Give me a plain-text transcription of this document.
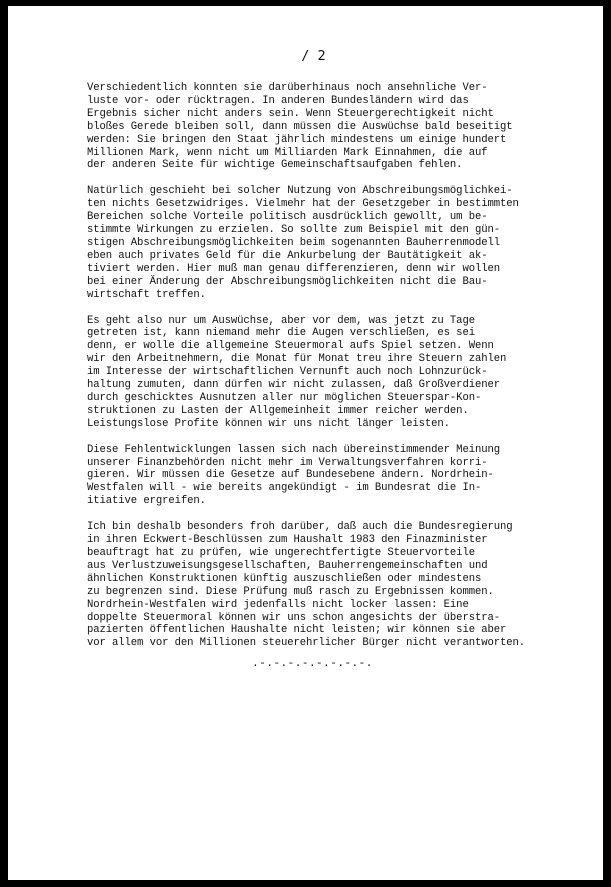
/ 2
Verschiedentlich konnten sie darüberhinaus noch ansehnliche Ver-
luste vor- oder rücktragen. In anderen Bundesländern wird das
Ergebnis sicher nicht anders sein. Wenn Steuergerechtigkeit nicht
bloßes Gerede bleiben soll, dann müssen die Auswüchse bald beseitigt
werden: Sie bringen den Staat jährlich mindestens um einige hundert
Millionen Mark, wenn nicht um Milliarden Mark Einnahmen, die auf
der anderen Seite für wichtige Gemeinschaftsaufgaben fehlen.
Natürlich geschieht bei solcher Nutzung von Abschreibungsmöglichkei-
ten nichts Gesetzwidriges. Vielmehr hat der Gesetzgeber in bestimmten
Bereichen solche Vorteile politisch ausdrücklich gewollt, um be-
stimmte Wirkungen zu erzielen. So sollte zum Beispiel mit den gün-
stigen Abschreibungsmöglichkeiten beim sogenannten Bauherrenmodell
eben auch privates Geld für die Ankurbelung der Bautätigkeit ak-
tiviert werden. Hier muß man genau differenzieren, denn wir wollen
bei einer Änderung der Abschreibungsmöglichkeiten nicht die Bau-
wirtschaft treffen.
Es geht also nur um Auswüchse, aber vor dem, was jetzt zu Tage
getreten ist, kann niemand mehr die Augen verschließen, es sei
denn, er wolle die allgemeine Steuermoral aufs Spiel setzen. Wenn
wir den Arbeitnehmern, die Monat für Monat treu ihre Steuern zahlen
im Interesse der wirtschaftlichen Vernunft auch noch Lohnzurück-
haltung zumuten, dann dürfen wir nicht zulassen, daß Großverdiener
durch geschicktes Ausnutzen aller nur möglichen Steuerspar-Kon-
struktionen zu Lasten der Allgemeinheit immer reicher werden.
Leistungslose Profite können wir uns nicht länger leisten.
Diese Fehlentwicklungen lassen sich nach übereinstimmender Meinung
unserer Finanzbehörden nicht mehr im Verwaltungsverfahren korri-
gieren. Wir müssen die Gesetze auf Bundesebene ändern. Nordrhein-
Westfalen will - wie bereits angekündigt - im Bundesrat die In-
itiative ergreifen.
Ich bin deshalb besonders froh darüber, daß auch die Bundesregierung
in ihren Eckwert-Beschlüssen zum Haushalt 1983 den Finazminister
beauftragt hat zu prüfen, wie ungerechtfertigte Steuervorteile
aus Verlustzuweisungsgesellschaften, Bauherrengemeinschaften und
ähnlichen Konstruktionen künftig auszuschließen oder mindestens
zu begrenzen sind. Diese Prüfung muß rasch zu Ergebnissen kommen.
Nordrhein-Westfalen wird jedenfalls nicht locker lassen: Eine
doppelte Steuermoral können wir uns schon angesichts der überstra-
pazierten öffentlichen Haushalte nicht leisten; wir können sie aber
vor allem vor den Millionen steuerehrlicher Bürger nicht verantworten.
.-.-.-.-.-.-.-.-.
